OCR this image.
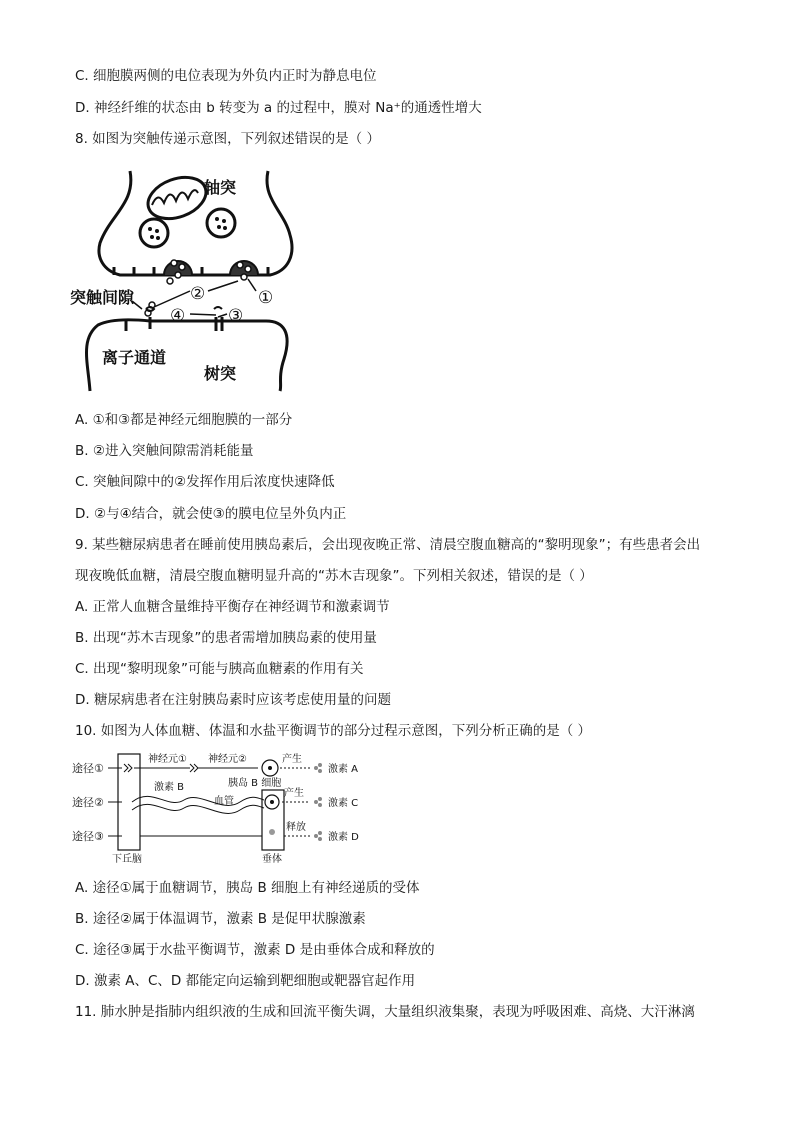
C. 细胞膜两侧的电位表现为外负内正时为静息电位
D. 神经纤维的状态由 b 转变为 a 的过程中，膜对 Na⁺的通透性增大
8. 如图为突触传递示意图，下列叙述错误的是（ ）
轴突
突触间隙
离子通道
树突
②	①
④	③
A. ①和③都是神经元细胞膜的一部分
B. ②进入突触间隙需消耗能量
C. 突触间隙中的②发挥作用后浓度快速降低
D. ②与④结合，就会使③的膜电位呈外负内正
9. 某些糖尿病患者在睡前使用胰岛素后，会出现夜晚正常、清晨空腹血糖高的“黎明现象”；有些患者会出
现夜晚低血糖，清晨空腹血糖明显升高的“苏木吉现象”。下列相关叙述，错误的是（ ）
A. 正常人血糖含量维持平衡存在神经调节和激素调节
B. 出现“苏木吉现象”的患者需增加胰岛素的使用量
C. 出现“黎明现象”可能与胰高血糖素的作用有关
D. 糖尿病患者在注射胰岛素时应该考虑使用量的问题
10. 如图为人体血糖、体温和水盐平衡调节的部分过程示意图，下列分析正确的是（ ）
途径①
途径②
途径③
神经元① 神经元②	产生
激素 A
胰岛 B 细胞
激素 B
血管
产生
激素 C
释放
激素 D
下丘脑	垂体
A. 途径①属于血糖调节，胰岛 B 细胞上有神经递质的受体
B. 途径②属于体温调节，激素 B 是促甲状腺激素
C. 途径③属于水盐平衡调节，激素 D 是由垂体合成和释放的
D. 激素 A、C、D 都能定向运输到靶细胞或靶器官起作用
11. 肺水肿是指肺内组织液的生成和回流平衡失调，大量组织液集聚，表现为呼吸困难、高烧、大汗淋漓
